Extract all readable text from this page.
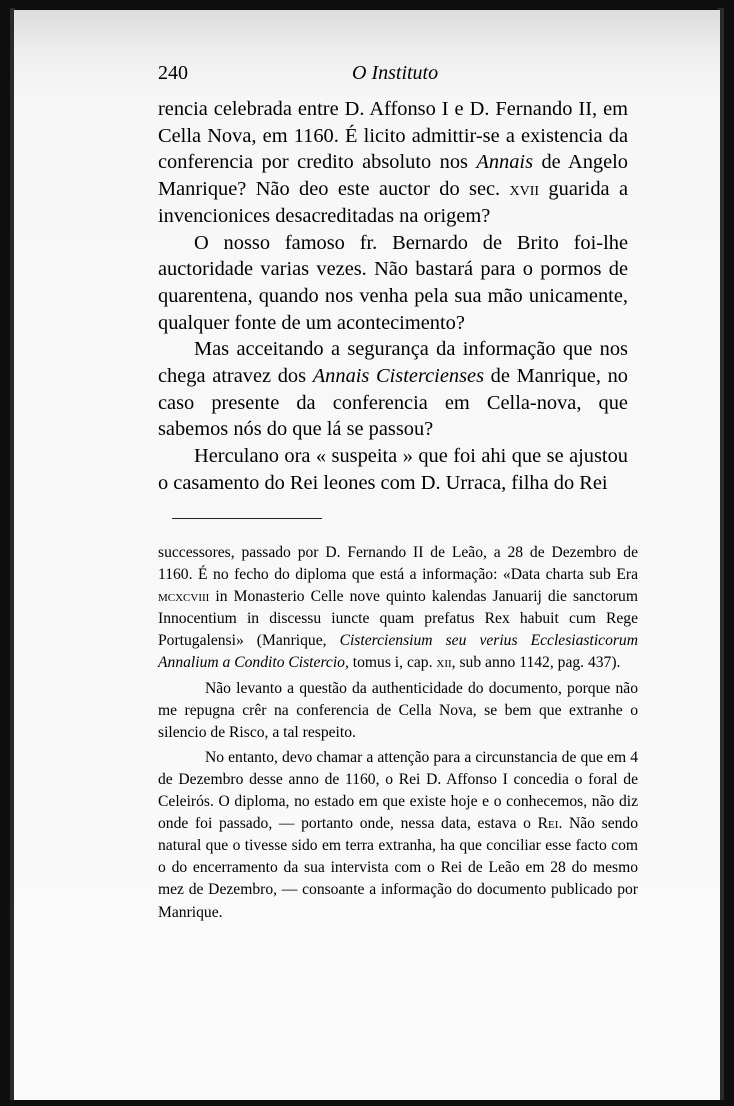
240	O Instituto

rencia celebrada entre D. Affonso I e D. Fernando II, em Cella Nova, em 1160. É licito admittir-se a existencia da conferencia por credito absoluto nos Annais de Angelo Manrique? Não deo este auctor do sec. xvii guarida a invencionices desacreditadas na origem?

O nosso famoso fr. Bernardo de Brito foi-lhe auctoridade varias vezes. Não bastará para o pormos de quarentena, quando nos venha pela sua mão unicamente, qualquer fonte de um acontecimento?

Mas acceitando a segurança da informação que nos chega atravez dos Annais Cistercienses de Manrique, no caso presente da conferencia em Cella-nova, que sabemos nós do que lá se passou?

Herculano ora « suspeita » que foi ahi que se ajustou o casamento do Rei leones com D. Urraca, filha do Rei

successores, passado por D. Fernando II de Leão, a 28 de Dezembro de 1160. É no fecho do diploma que está a informação: «Data charta sub Era mcxcviii in Monasterio Celle nove quinto kalendas Januarij die sanctorum Innocentium in discessu iuncte quam prefatus Rex habuit cum Rege Portugalensi» (Manrique, Cisterciensium seu verius Ecclesiasticorum Annalium a Condito Cistercio, tomus i, cap. xii, sub anno 1142, pag. 437).

Não levanto a questão da authenticidade do documento, porque não me repugna crêr na conferencia de Cella Nova, se bem que extranhe o silencio de Risco, a tal respeito.

No entanto, devo chamar a attenção para a circunstancia de que em 4 de Dezembro desse anno de 1160, o Rei D. Affonso I concedia o foral de Celeirós. O diploma, no estado em que existe hoje e o conhecemos, não diz onde foi passado, — portanto onde, nessa data, estava o Rei. Não sendo natural que o tivesse sido em terra extranha, ha que conciliar esse facto com o do encerramento da sua intervista com o Rei de Leão em 28 do mesmo mez de Dezembro, — consoante a informação do documento publicado por Manrique.
